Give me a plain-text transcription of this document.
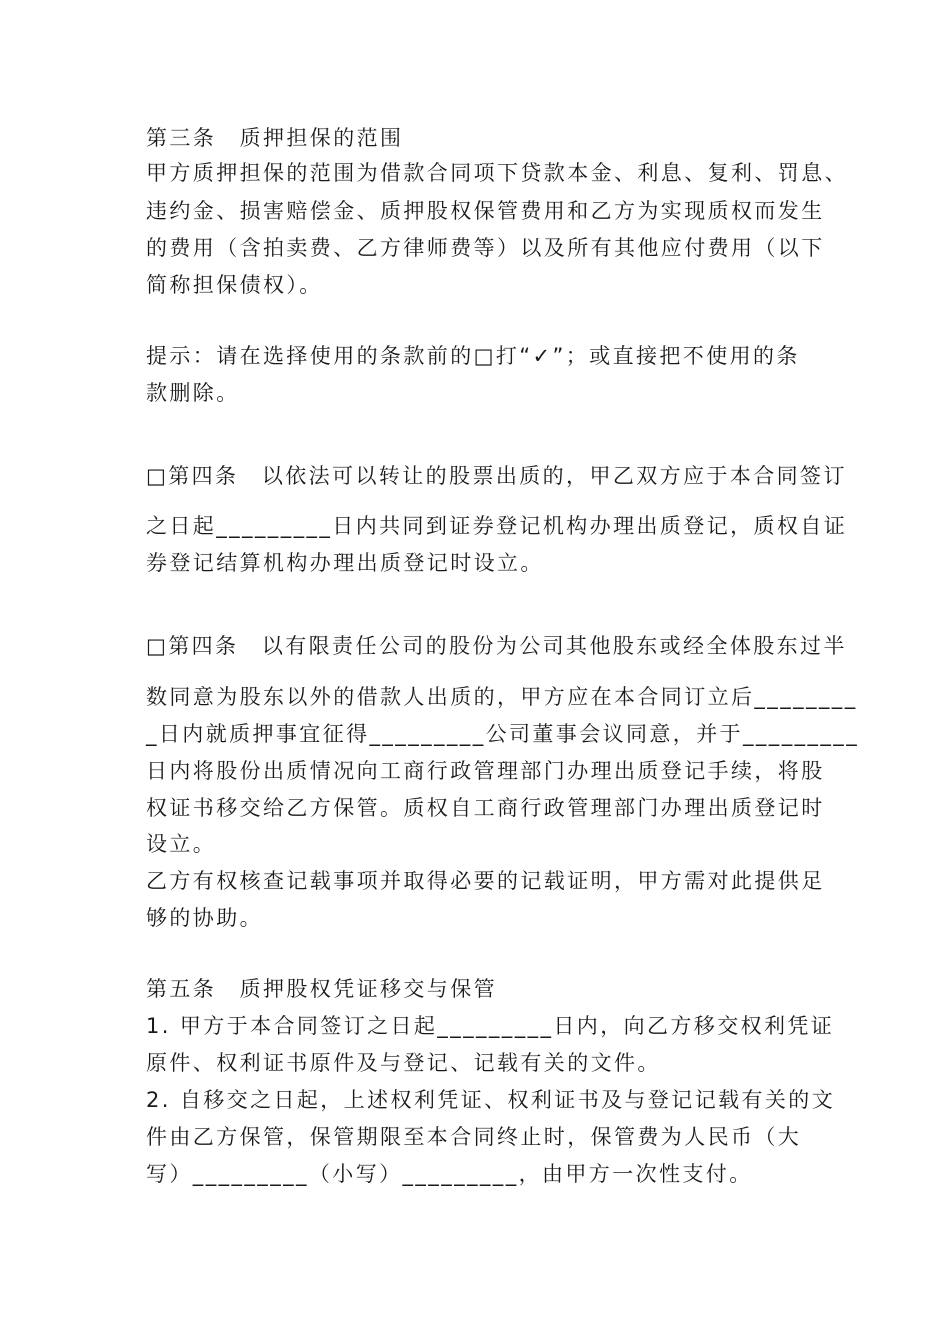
第三条　质押担保的范围
甲方质押担保的范围为借款合同项下贷款本金、利息、复利、罚息、
违约金、损害赔偿金、质押股权保管费用和乙方为实现质权而发生
的费用（含拍卖费、乙方律师费等）以及所有其他应付费用（以下
简称担保债权）。
提示：请在选择使用的条款前的□打“✓”；或直接把不使用的条
款删除。
□第四条　以依法可以转让的股票出质的，甲乙双方应于本合同签订
之日起_________日内共同到证券登记机构办理出质登记，质权自证
券登记结算机构办理出质登记时设立。
□第四条　以有限责任公司的股份为公司其他股东或经全体股东过半
数同意为股东以外的借款人出质的，甲方应在本合同订立后________
_日内就质押事宜征得_________公司董事会议同意，并于_________
日内将股份出质情况向工商行政管理部门办理出质登记手续，将股
权证书移交给乙方保管。质权自工商行政管理部门办理出质登记时
设立。
乙方有权核查记载事项并取得必要的记载证明，甲方需对此提供足
够的协助。
第五条　质押股权凭证移交与保管
1. 甲方于本合同签订之日起_________日内，向乙方移交权利凭证
原件、权利证书原件及与登记、记载有关的文件。
2. 自移交之日起，上述权利凭证、权利证书及与登记记载有关的文
件由乙方保管，保管期限至本合同终止时，保管费为人民币（大
写）_________（小写）_________，由甲方一次性支付。
